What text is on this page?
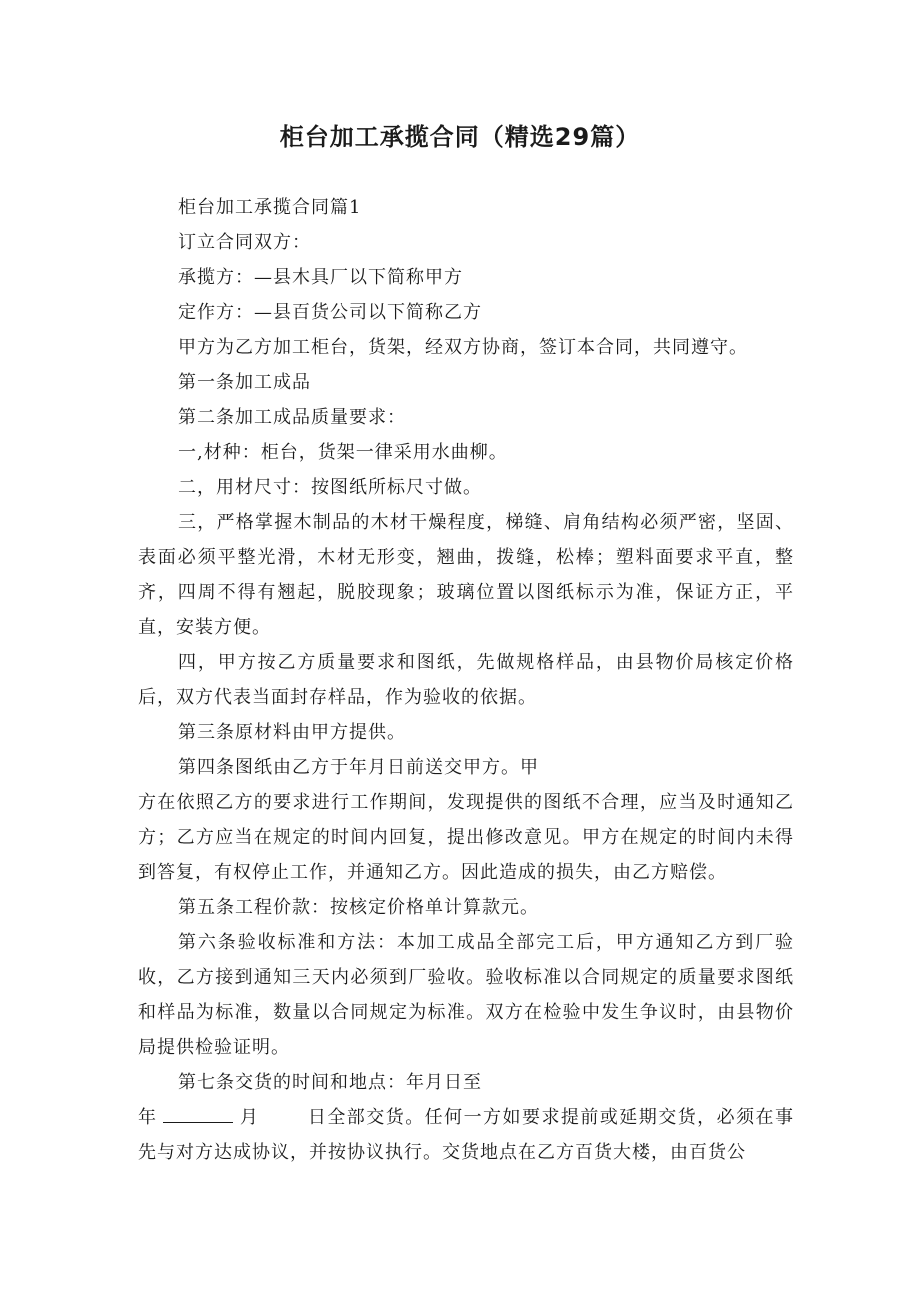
柜台加工承揽合同（精选29篇）

柜台加工承揽合同篇1

订立合同双方：

承揽方：—县木具厂以下简称甲方

定作方：—县百货公司以下简称乙方

甲方为乙方加工柜台，货架，经双方协商，签订本合同，共同遵守。

第一条加工成品

第二条加工成品质量要求：

一,材种：柜台，货架一律采用水曲柳。

二，用材尺寸：按图纸所标尺寸做。

三，严格掌握木制品的木材干燥程度，梯缝、肩角结构必须严密，坚固、表面必须平整光滑，木材无形变，翘曲，拨缝，松棒；塑料面要求平直，整齐，四周不得有翘起，脱胶现象；玻璃位置以图纸标示为准，保证方正，平直，安装方便。

四，甲方按乙方质量要求和图纸，先做规格样品，由县物价局核定价格后，双方代表当面封存样品，作为验收的依据。

第三条原材料由甲方提供。

第四条图纸由乙方于年月日前送交甲方。甲

方在依照乙方的要求进行工作期间，发现提供的图纸不合理，应当及时通知乙方；乙方应当在规定的时间内回复，提出修改意见。甲方在规定的时间内未得到答复，有权停止工作，并通知乙方。因此造成的损失，由乙方赔偿。

第五条工程价款：按核定价格单计算款元。

第六条验收标准和方法：本加工成品全部完工后，甲方通知乙方到厂验收，乙方接到通知三天内必须到厂验收。验收标准以合同规定的质量要求图纸和样品为标准，数量以合同规定为标准。双方在检验中发生争议时，由县物价局提供检验证明。

第七条交货的时间和地点：年月日至

年	月	日全部交货。任何一方如要求提前或延期交货，必须在事先与对方达成协议，并按协议执行。交货地点在乙方百货大楼，由百货公
